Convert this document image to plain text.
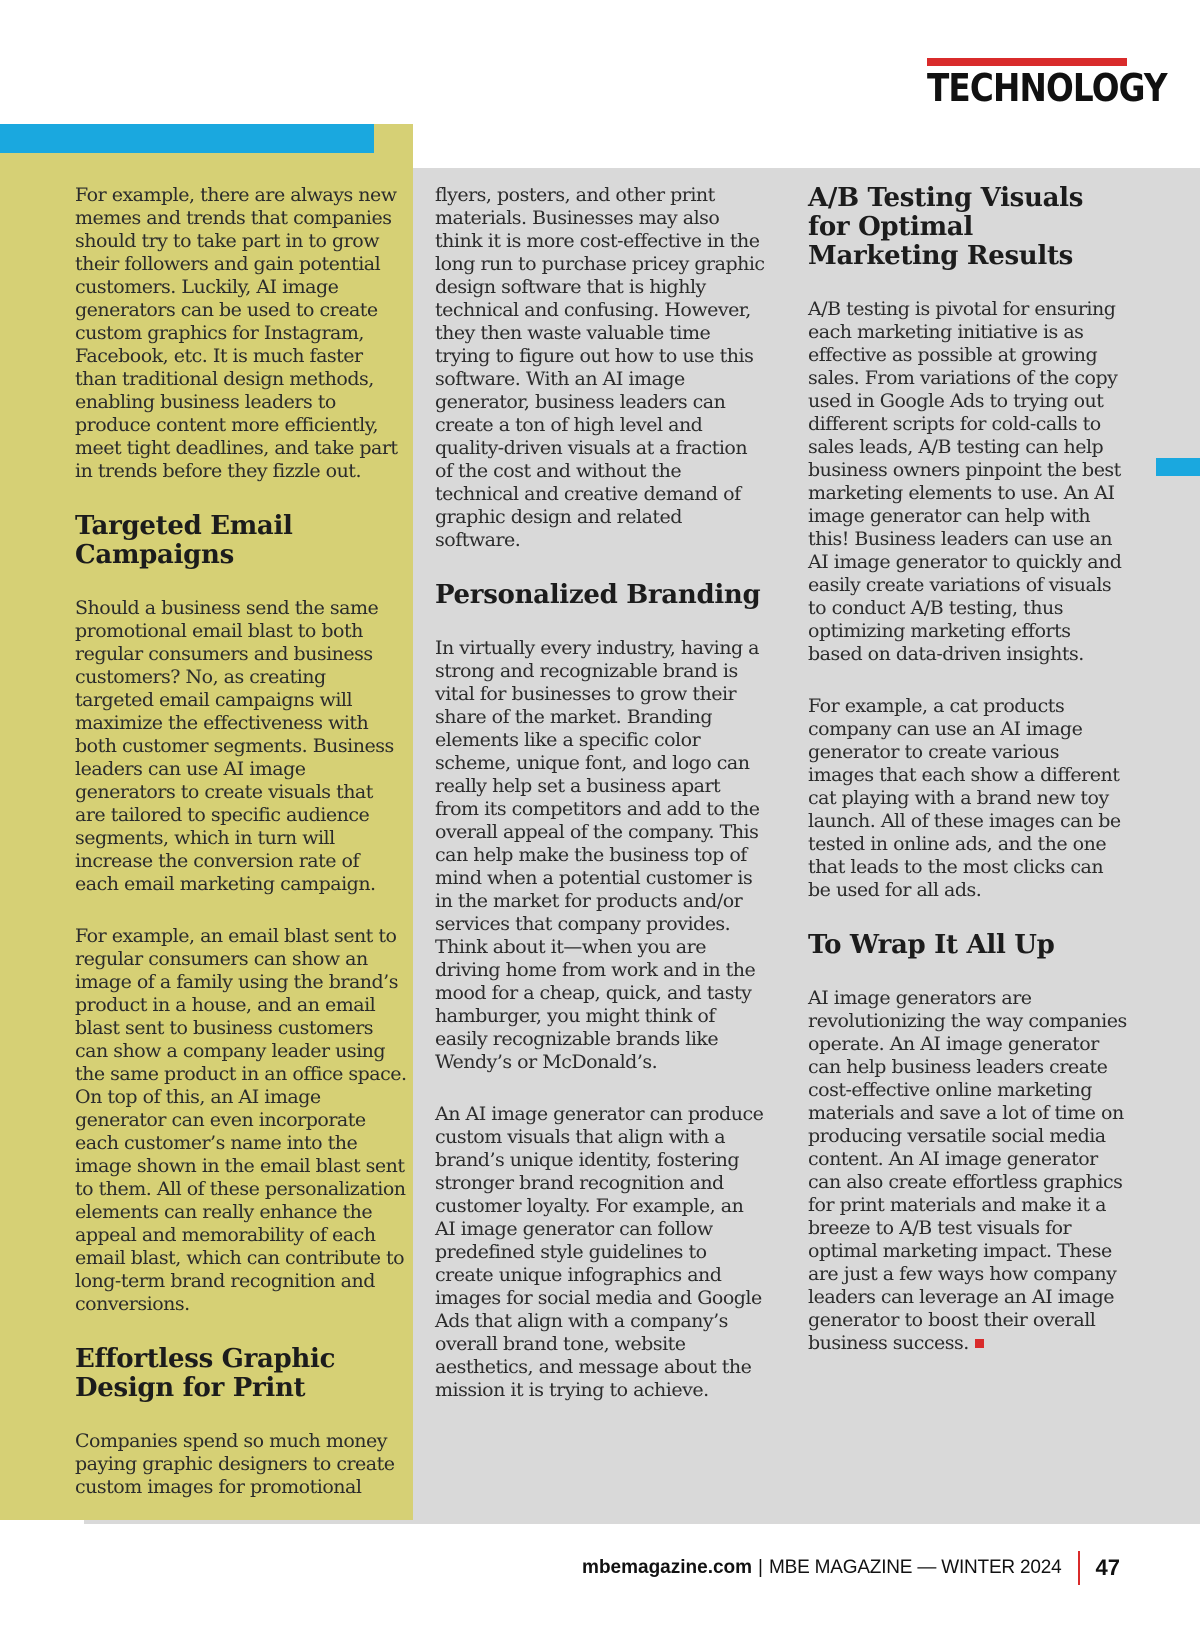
TECHNOLOGY

For example, there are always new memes and trends that companies should try to take part in to grow their followers and gain potential customers. Luckily, AI image generators can be used to create custom graphics for Instagram, Facebook, etc. It is much faster than traditional design methods, enabling business leaders to produce content more efficiently, meet tight deadlines, and take part in trends before they fizzle out.

Targeted Email Campaigns

Should a business send the same promotional email blast to both regular consumers and business customers? No, as creating targeted email campaigns will maximize the effectiveness with both customer segments. Business leaders can use AI image generators to create visuals that are tailored to specific audience segments, which in turn will increase the conversion rate of each email marketing campaign.

For example, an email blast sent to regular consumers can show an image of a family using the brand’s product in a house, and an email blast sent to business customers can show a company leader using the same product in an office space. On top of this, an AI image generator can even incorporate each customer’s name into the image shown in the email blast sent to them. All of these personalization elements can really enhance the appeal and memorability of each email blast, which can contribute to long-term brand recognition and conversions.

Effortless Graphic Design for Print

Companies spend so much money paying graphic designers to create custom images for promotional

flyers, posters, and other print materials. Businesses may also think it is more cost-effective in the long run to purchase pricey graphic design software that is highly technical and confusing. However, they then waste valuable time trying to figure out how to use this software. With an AI image generator, business leaders can create a ton of high level and quality-driven visuals at a fraction of the cost and without the technical and creative demand of graphic design and related software.

Personalized Branding

In virtually every industry, having a strong and recognizable brand is vital for businesses to grow their share of the market. Branding elements like a specific color scheme, unique font, and logo can really help set a business apart from its competitors and add to the overall appeal of the company. This can help make the business top of mind when a potential customer is in the market for products and/or services that company provides. Think about it—when you are driving home from work and in the mood for a cheap, quick, and tasty hamburger, you might think of easily recognizable brands like Wendy’s or McDonald’s.

An AI image generator can produce custom visuals that align with a brand’s unique identity, fostering stronger brand recognition and customer loyalty. For example, an AI image generator can follow predefined style guidelines to create unique infographics and images for social media and Google Ads that align with a company’s overall brand tone, website aesthetics, and message about the mission it is trying to achieve.

A/B Testing Visuals for Optimal Marketing Results

A/B testing is pivotal for ensuring each marketing initiative is as effective as possible at growing sales. From variations of the copy used in Google Ads to trying out different scripts for cold-calls to sales leads, A/B testing can help business owners pinpoint the best marketing elements to use. An AI image generator can help with this! Business leaders can use an AI image generator to quickly and easily create variations of visuals to conduct A/B testing, thus optimizing marketing efforts based on data-driven insights.

For example, a cat products company can use an AI image generator to create various images that each show a different cat playing with a brand new toy launch. All of these images can be tested in online ads, and the one that leads to the most clicks can be used for all ads.

To Wrap It All Up

AI image generators are revolutionizing the way companies operate. An AI image generator can help business leaders create cost-effective online marketing materials and save a lot of time on producing versatile social media content. An AI image generator can also create effortless graphics for print materials and make it a breeze to A/B test visuals for optimal marketing impact. These are just a few ways how company leaders can leverage an AI image generator to boost their overall business success.

mbemagazine.com | MBE MAGAZINE — WINTER 2024 47
